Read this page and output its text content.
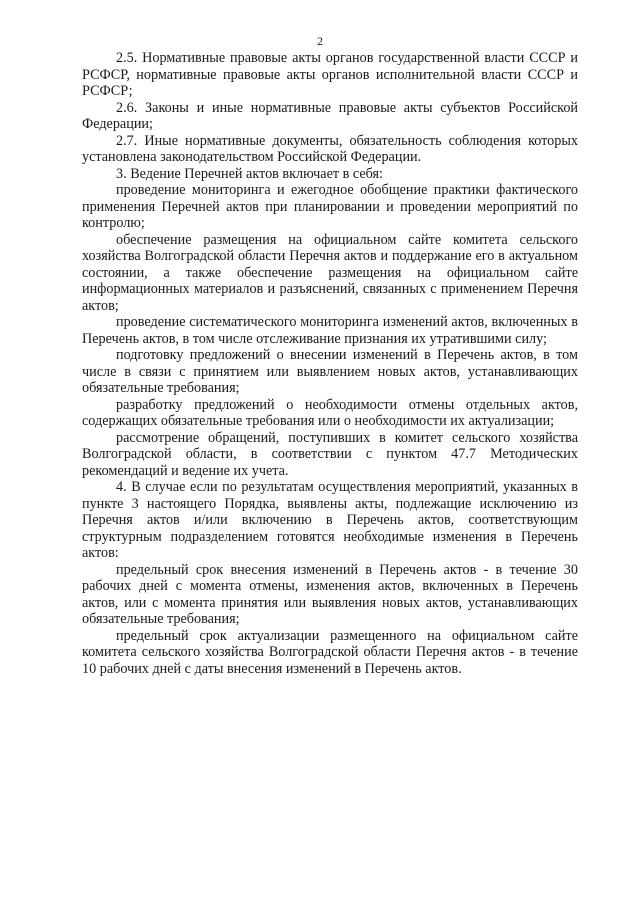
2

2.5. Нормативные правовые акты органов государственной власти СССР и РСФСР, нормативные правовые акты органов исполнительной власти СССР и РСФСР;

2.6. Законы и иные нормативные правовые акты субъектов Российской Федерации;

2.7. Иные нормативные документы, обязательность соблюдения которых установлена законодательством Российской Федерации.

3. Ведение Перечней актов включает в себя:

проведение мониторинга и ежегодное обобщение практики фактического применения Перечней актов при планировании и проведении мероприятий по контролю;

обеспечение размещения на официальном сайте комитета сельского хозяйства Волгоградской области Перечня актов и поддержание его в актуальном состоянии, а также обеспечение размещения на официальном сайте информационных материалов и разъяснений, связанных с применением Перечня актов;

проведение систематического мониторинга изменений актов, включенных в Перечень актов, в том числе отслеживание признания их утратившими силу;

подготовку предложений о внесении изменений в Перечень актов, в том числе в связи с принятием или выявлением новых актов, устанавливающих обязательные требования;

разработку предложений о необходимости отмены отдельных актов, содержащих обязательные требования или о необходимости их актуализации;

рассмотрение обращений, поступивших в комитет сельского хозяйства Волгоградской области, в соответствии с пунктом 47.7 Методических рекомендаций и ведение их учета.

4. В случае если по результатам осуществления мероприятий, указанных в пункте 3 настоящего Порядка, выявлены акты, подлежащие исключению из Перечня актов и/или включению в Перечень актов, соответствующим структурным подразделением готовятся необходимые изменения в Перечень актов:

предельный срок внесения изменений в Перечень актов - в течение 30 рабочих дней с момента отмены, изменения актов, включенных в Перечень актов, или с момента принятия или выявления новых актов, устанавливающих обязательные требования;

предельный срок актуализации размещенного на официальном сайте комитета сельского хозяйства Волгоградской области Перечня актов - в течение 10 рабочих дней с даты внесения изменений в Перечень актов.
